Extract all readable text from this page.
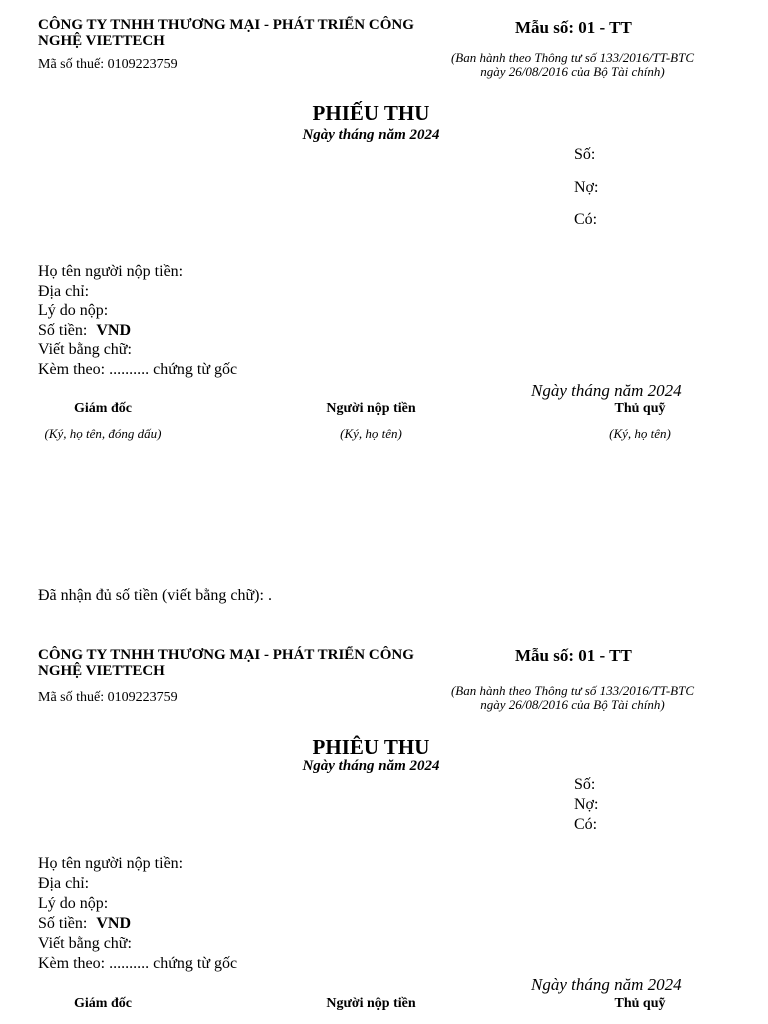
CÔNG TY TNHH THƯƠNG MẠI - PHÁT TRIỂN CÔNG
NGHỆ VIETTECH
Mã số thuế: 0109223759
Mẫu số: 01 - TT
(Ban hành theo Thông tư số 133/2016/TT-BTC
ngày 26/08/2016 của Bộ Tài chính)
PHIẾU THU
Ngày tháng năm 2024
Số:
Nợ:
Có:
Họ tên người nộp tiền:
Địa chỉ:
Lý do nộp:
Số tiền: VND
Viết bằng chữ:
Kèm theo: .......... chứng từ gốc
Ngày tháng năm 2024
Giám đốc
(Ký, họ tên, đóng dấu)
Người nộp tiền
(Ký, họ tên)
Thủ quỹ
(Ký, họ tên)
Đã nhận đủ số tiền (viết bằng chữ): .
CÔNG TY TNHH THƯƠNG MẠI - PHÁT TRIỂN CÔNG
NGHỆ VIETTECH
Mã số thuế: 0109223759
Mẫu số: 01 - TT
(Ban hành theo Thông tư số 133/2016/TT-BTC
ngày 26/08/2016 của Bộ Tài chính)
PHIÊU THU
Ngày tháng năm 2024
Số:
Nợ:
Có:
Họ tên người nộp tiền:
Địa chỉ:
Lý do nộp:
Số tiền: VND
Viết bằng chữ:
Kèm theo: .......... chứng từ gốc
Ngày tháng năm 2024
Giám đốc	Người nộp tiền	Thủ quỹ
